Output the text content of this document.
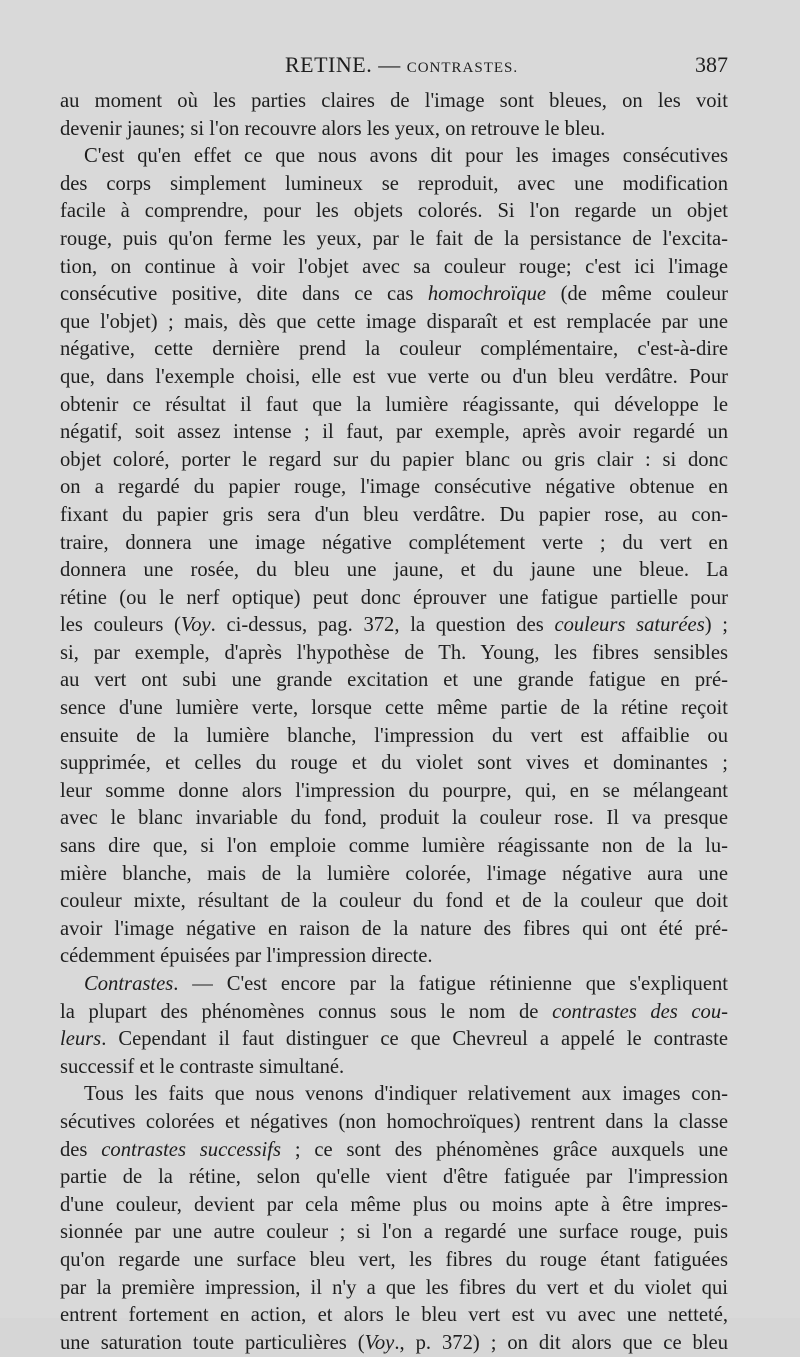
RETINE. — CONTRASTES.	387
au moment où les parties claires de l'image sont bleues, on les voit
devenir jaunes; si l'on recouvre alors les yeux, on retrouve le bleu.
C'est qu'en effet ce que nous avons dit pour les images consécutives
des corps simplement lumineux se reproduit, avec une modification
facile à comprendre, pour les objets colorés. Si l'on regarde un objet
rouge, puis qu'on ferme les yeux, par le fait de la persistance de l'excita-
tion, on continue à voir l'objet avec sa couleur rouge; c'est ici l'image
consécutive positive, dite dans ce cas homochroïque (de même couleur
que l'objet) ; mais, dès que cette image disparaît et est remplacée par une
négative, cette dernière prend la couleur complémentaire, c'est-à-dire
que, dans l'exemple choisi, elle est vue verte ou d'un bleu verdâtre. Pour
obtenir ce résultat il faut que la lumière réagissante, qui développe le
négatif, soit assez intense ; il faut, par exemple, après avoir regardé un
objet coloré, porter le regard sur du papier blanc ou gris clair : si donc
on a regardé du papier rouge, l'image consécutive négative obtenue en
fixant du papier gris sera d'un bleu verdâtre. Du papier rose, au con-
traire, donnera une image négative complétement verte ; du vert en
donnera une rosée, du bleu une jaune, et du jaune une bleue. La
rétine (ou le nerf optique) peut donc éprouver une fatigue partielle pour
les couleurs (Voy. ci-dessus, pag. 372, la question des couleurs saturées) ;
si, par exemple, d'après l'hypothèse de Th. Young, les fibres sensibles
au vert ont subi une grande excitation et une grande fatigue en pré-
sence d'une lumière verte, lorsque cette même partie de la rétine reçoit
ensuite de la lumière blanche, l'impression du vert est affaiblie ou
supprimée, et celles du rouge et du violet sont vives et dominantes ;
leur somme donne alors l'impression du pourpre, qui, en se mélangeant
avec le blanc invariable du fond, produit la couleur rose. Il va presque
sans dire que, si l'on emploie comme lumière réagissante non de la lu-
mière blanche, mais de la lumière colorée, l'image négative aura une
couleur mixte, résultant de la couleur du fond et de la couleur que doit
avoir l'image négative en raison de la nature des fibres qui ont été pré-
cédemment épuisées par l'impression directe.
Contrastes. — C'est encore par la fatigue rétinienne que s'expliquent
la plupart des phénomènes connus sous le nom de contrastes des cou-
leurs. Cependant il faut distinguer ce que Chevreul a appelé le contraste
successif et le contraste simultané.
Tous les faits que nous venons d'indiquer relativement aux images con-
sécutives colorées et négatives (non homochroïques) rentrent dans la classe
des contrastes successifs ; ce sont des phénomènes grâce auxquels une
partie de la rétine, selon qu'elle vient d'être fatiguée par l'impression
d'une couleur, devient par cela même plus ou moins apte à être impres-
sionnée par une autre couleur ; si l'on a regardé une surface rouge, puis
qu'on regarde une surface bleu vert, les fibres du rouge étant fatiguées
par la première impression, il n'y a que les fibres du vert et du violet qui
entrent fortement en action, et alors le bleu vert est vu avec une netteté,
une saturation toute particulières (Voy., p. 372) ; on dit alors que ce bleu
